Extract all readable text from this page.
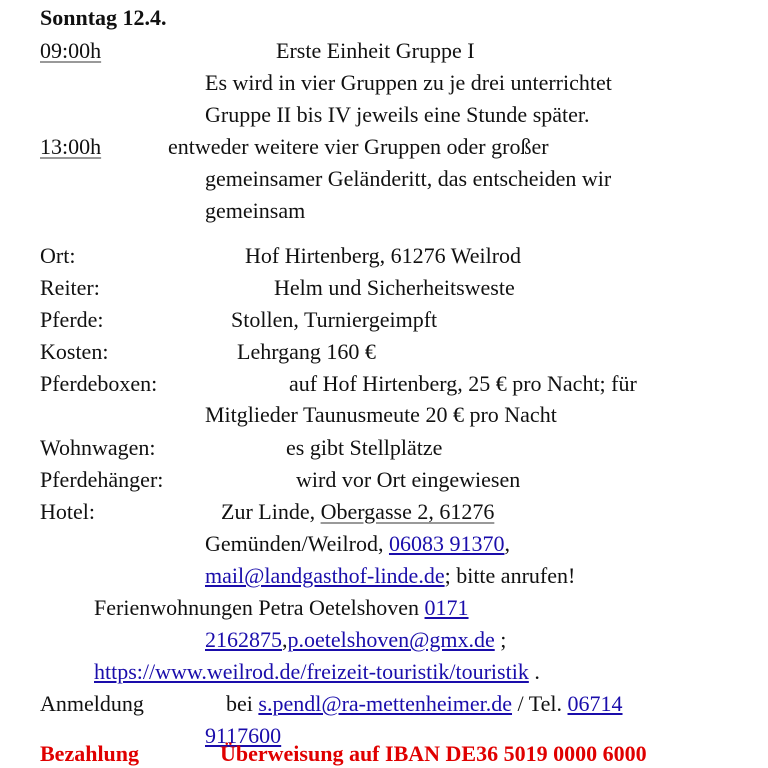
Sonntag 12.4.
09:00h	Erste Einheit Gruppe I
Es wird in vier Gruppen zu je drei unterrichtet
Gruppe II bis IV jeweils eine Stunde später.
13:00h	entweder weitere vier Gruppen oder großer
gemeinsamer Geländeritt, das entscheiden wir
gemeinsam
Ort:	Hof Hirtenberg, 61276 Weilrod
Reiter:	Helm und Sicherheitsweste
Pferde:	Stollen, Turniergeimpft
Kosten:	Lehrgang 160 €
Pferdeboxen:	auf Hof Hirtenberg, 25 € pro Nacht; für
Mitglieder Taunusmeute 20 € pro Nacht
Wohnwagen:	es gibt Stellplätze
Pferdehänger:	wird vor Ort eingewiesen
Hotel:	Zur Linde, Obergasse 2, 61276
Gemünden/Weilrod, 06083 91370,
mail@landgasthof-linde.de; bitte anrufen!
Ferienwohnungen Petra Oetelshoven 0171
2162875,p.oetelshoven@gmx.de ;
https://www.weilrod.de/freizeit-touristik/touristik .
Anmeldung	bei s.pendl@ra-mettenheimer.de / Tel. 06714
9117600
Bezahlung	Überweisung auf IBAN DE36 5019 0000 6000
